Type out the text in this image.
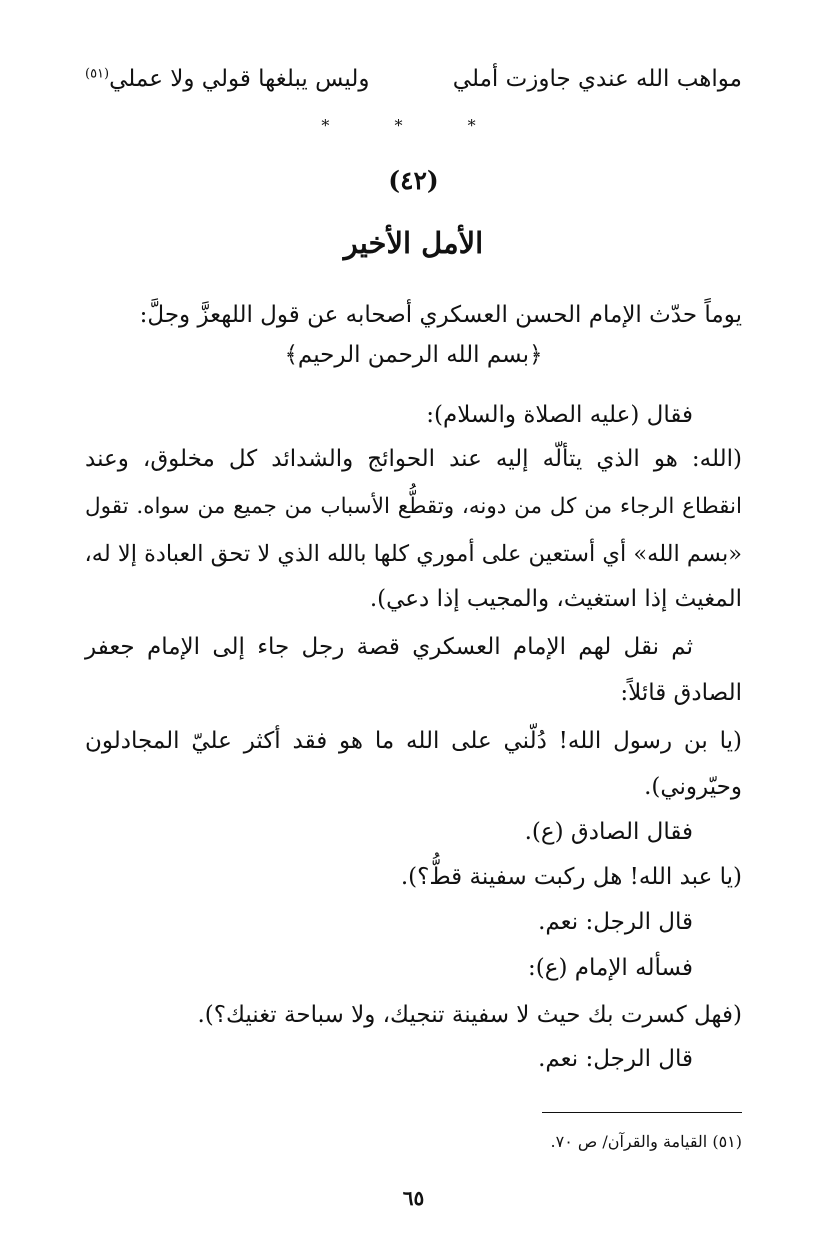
مواهب الله عندي جاوزت أملي
وليس يبلغها قولي ولا عملي$^{(٥١)}$
* * *
(٤٢)
الأمل الأخير
يوماً حدّث الإمام الحسن العسكري أصحابه عن قول اللهعزَّ وجلَّ:
﴿بسم الله الرحمن الرحيم﴾
فقال (عليه الصلاة والسلام):
(الله: هو الذي يتألّه إليه عند الحوائج والشدائد كل مخلوق، وعند
انقطاع الرجاء من كل من دونه، وتقطُّع الأسباب من جميع من سواه. تقول
«بسم الله» أي أستعين على أموري كلها بالله الذي لا تحق العبادة إلا له،
المغيث إذا استغيث، والمجيب إذا دعي).
ثم نقل لهم الإمام العسكري قصة رجل جاء إلى الإمام جعفر
الصادق قائلاً:
(يا بن رسول الله! دُلّني على الله ما هو فقد أكثر عليّ المجادلون
وحيّروني).
فقال الصادق (ع).
(يا عبد الله! هل ركبت سفينة قطُّ؟).
قال الرجل: نعم.
فسأله الإمام (ع):
(فهل كسرت بك حيث لا سفينة تنجيك، ولا سباحة تغنيك؟).
قال الرجل: نعم.
(٥١) القيامة والقرآن/ ص ٧٠.
٦٥
